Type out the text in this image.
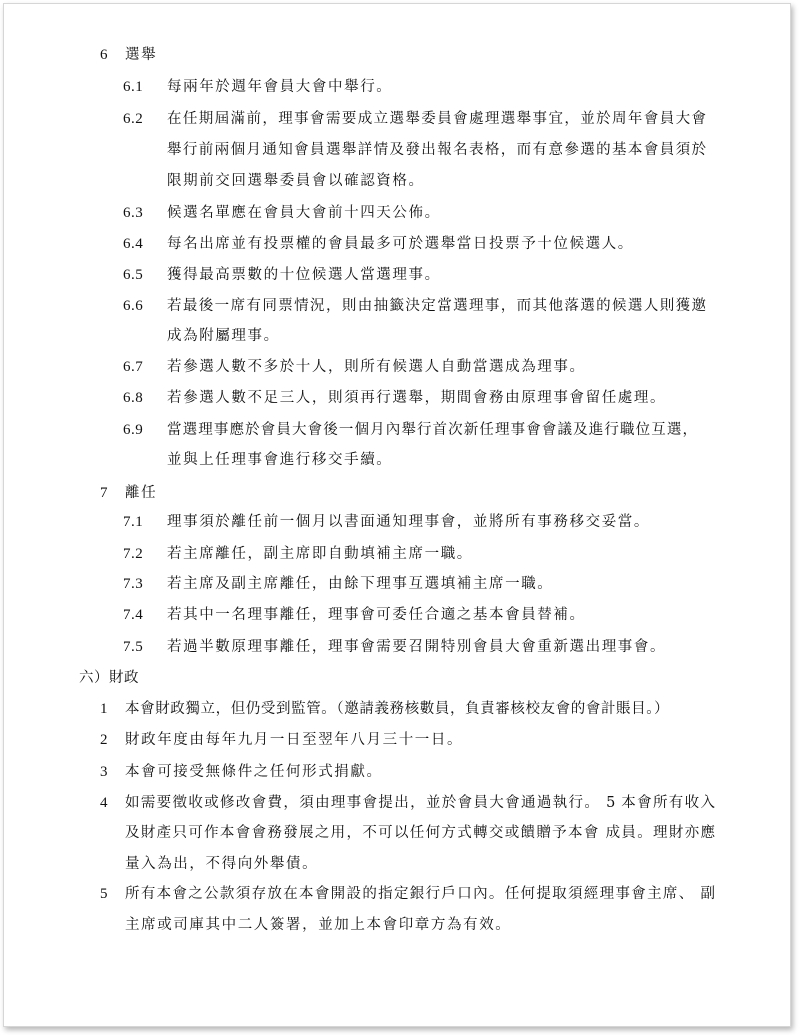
6 選舉
6.1 每兩年於週年會員大會中舉行。
6.2 在任期屆滿前，理事會需要成立選舉委員會處理選舉事宜，並於周年會員大會
舉行前兩個月通知會員選舉詳情及發出報名表格，而有意參選的基本會員須於
限期前交回選舉委員會以確認資格。
6.3 候選名單應在會員大會前十四天公佈。
6.4 每名出席並有投票權的會員最多可於選舉當日投票予十位候選人。
6.5 獲得最高票數的十位候選人當選理事。
6.6 若最後一席有同票情況，則由抽籤決定當選理事，而其他落選的候選人則獲邀
成為附屬理事。
6.7 若參選人數不多於十人，則所有候選人自動當選成為理事。
6.8 若參選人數不足三人，則須再行選舉，期間會務由原理事會留任處理。
6.9 當選理事應於會員大會後一個月內舉行首次新任理事會會議及進行職位互選，
並與上任理事會進行移交手續。
7 離任
7.1 理事須於離任前一個月以書面通知理事會，並將所有事務移交妥當。
7.2 若主席離任，副主席即自動填補主席一職。
7.3 若主席及副主席離任，由餘下理事互選填補主席一職。
7.4 若其中一名理事離任，理事會可委任合適之基本會員替補。
7.5 若過半數原理事離任，理事會需要召開特別會員大會重新選出理事會。
六）財政
1 本會財政獨立，但仍受到監管。（邀請義務核數員，負責審核校友會的會計賬目。）
2 財政年度由每年九月一日至翌年八月三十一日。
3 本會可接受無條件之任何形式捐獻。
4 如需要徵收或修改會費，須由理事會提出，並於會員大會通過執行。 5 本會所有收入
及財產只可作本會會務發展之用，不可以任何方式轉交或饋贈予本會 成員。理財亦應
量入為出，不得向外舉債。
5 所有本會之公款須存放在本會開設的指定銀行戶口內。任何提取須經理事會主席、 副
主席或司庫其中二人簽署，並加上本會印章方為有效。
